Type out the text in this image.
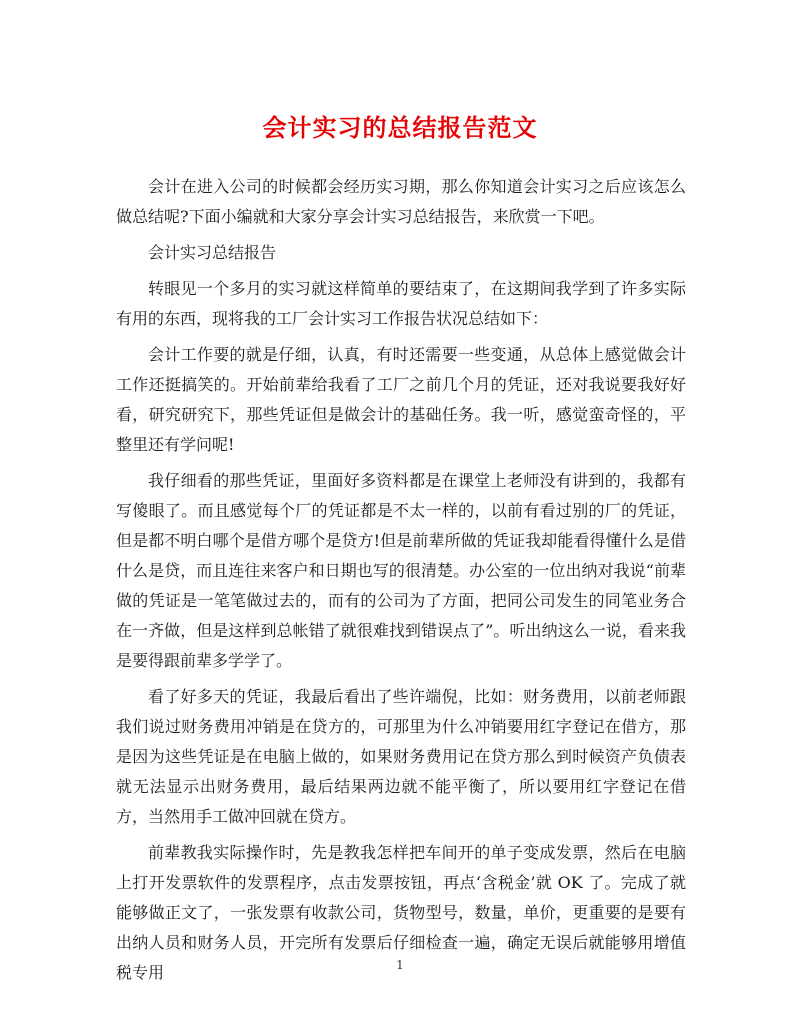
会计实习的总结报告范文

会计在进入公司的时候都会经历实习期，那么你知道会计实习之后应该怎么做总结呢?下面小编就和大家分享会计实习总结报告，来欣赏一下吧。

会计实习总结报告

转眼见一个多月的实习就这样简单的要结束了，在这期间我学到了许多实际有用的东西，现将我的工厂会计实习工作报告状况总结如下：

会计工作要的就是仔细，认真，有时还需要一些变通，从总体上感觉做会计工作还挺搞笑的。开始前辈给我看了工厂之前几个月的凭证，还对我说要我好好看，研究研究下，那些凭证但是做会计的基础任务。我一听，感觉蛮奇怪的，平整里还有学问呢!

我仔细看的那些凭证，里面好多资料都是在课堂上老师没有讲到的，我都有写傻眼了。而且感觉每个厂的凭证都是不太一样的，以前有看过别的厂的凭证，但是都不明白哪个是借方哪个是贷方!但是前辈所做的凭证我却能看得懂什么是借什么是贷，而且连往来客户和日期也写的很清楚。办公室的一位出纳对我说“前辈做的凭证是一笔笔做过去的，而有的公司为了方面，把同公司发生的同笔业务合在一齐做，但是这样到总帐错了就很难找到错误点了”。听出纳这么一说，看来我是要得跟前辈多学学了。

看了好多天的凭证，我最后看出了些许端倪，比如：财务费用，以前老师跟我们说过财务费用冲销是在贷方的，可那里为什么冲销要用红字登记在借方，那是因为这些凭证是在电脑上做的，如果财务费用记在贷方那么到时候资产负债表就无法显示出财务费用，最后结果两边就不能平衡了，所以要用红字登记在借方，当然用手工做冲回就在贷方。

前辈教我实际操作时，先是教我怎样把车间开的单子变成发票，然后在电脑上打开发票软件的发票程序，点击发票按钮，再点‘含税金’就 OK 了。完成了就能够做正文了，一张发票有收款公司，货物型号，数量，单价，更重要的是要有出纳人员和财务人员，开完所有发票后仔细检查一遍，确定无误后就能够用增值税专用	1
